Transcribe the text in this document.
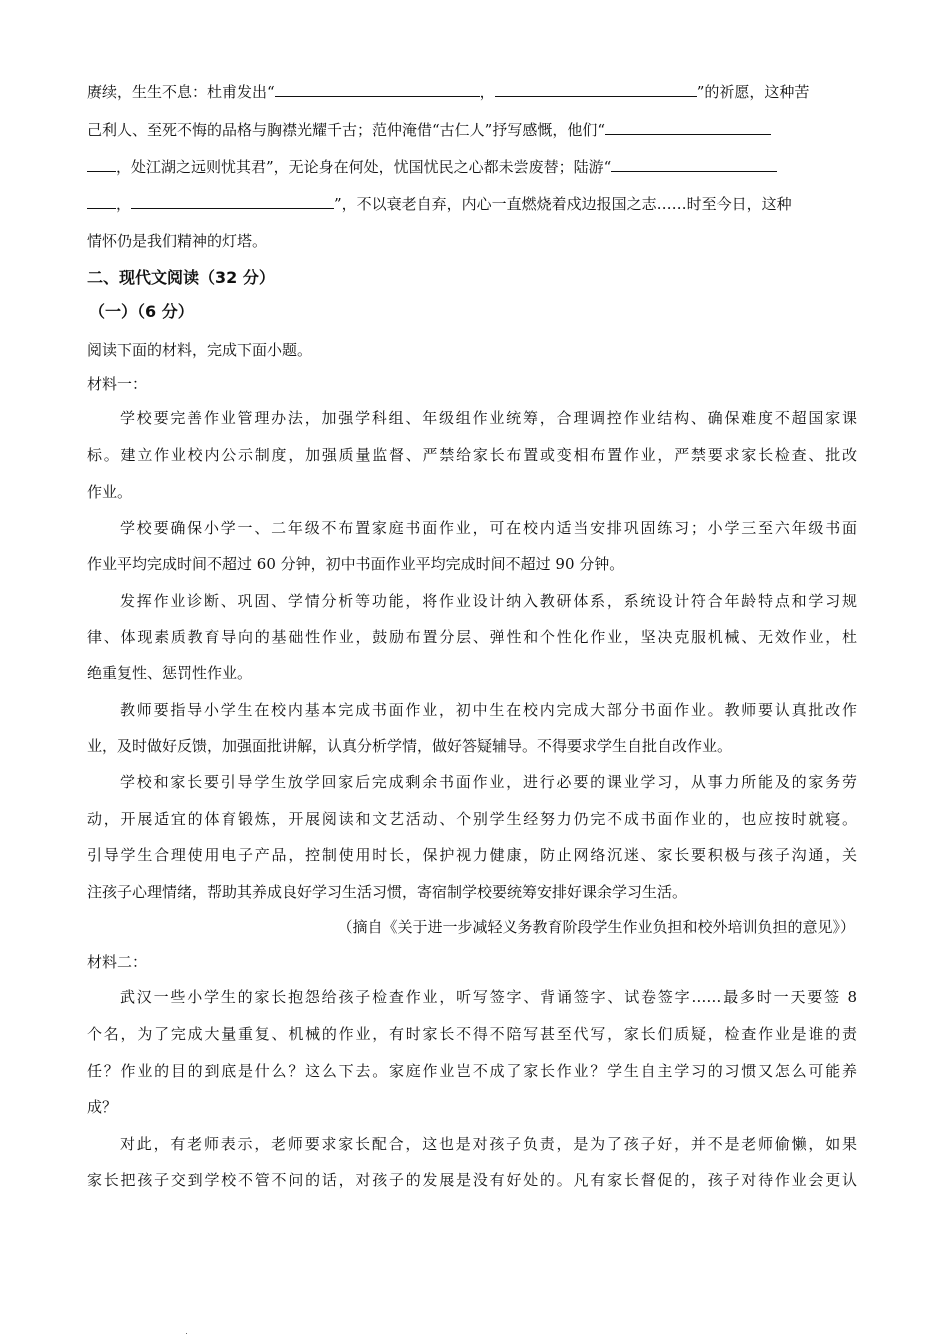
赓续，生生不息：杜甫发出“	，	”的祈愿，这种苦
己利人、至死不悔的品格与胸襟光耀千古；范仲淹借“古仁人”抒写感慨，他们“
，处江湖之远则忧其君”，无论身在何处，忧国忧民之心都未尝废替；陆游“
，	”，不以衰老自弃，内心一直燃烧着戍边报国之志……时至今日，这种
情怀仍是我们精神的灯塔。
二、现代文阅读（32 分）
（一）（6 分）
阅读下面的材料，完成下面小题。
材料一：
学校要完善作业管理办法，加强学科组、年级组作业统筹，合理调控作业结构、确保难度不超国家课
标。建立作业校内公示制度，加强质量监督、严禁给家长布置或变相布置作业，严禁要求家长检查、批改
作业。
学校要确保小学一、二年级不布置家庭书面作业，可在校内适当安排巩固练习；小学三至六年级书面
作业平均完成时间不超过 60 分钟，初中书面作业平均完成时间不超过 90 分钟。
发挥作业诊断、巩固、学情分析等功能，将作业设计纳入教研体系，系统设计符合年龄特点和学习规
律、体现素质教育导向的基础性作业，鼓励布置分层、弹性和个性化作业，坚决克服机械、无效作业，杜
绝重复性、惩罚性作业。
教师要指导小学生在校内基本完成书面作业，初中生在校内完成大部分书面作业。教师要认真批改作
业，及时做好反馈，加强面批讲解，认真分析学情，做好答疑辅导。不得要求学生自批自改作业。
学校和家长要引导学生放学回家后完成剩余书面作业，进行必要的课业学习，从事力所能及的家务劳
动，开展适宜的体育锻炼，开展阅读和文艺活动、个别学生经努力仍完不成书面作业的，也应按时就寝。
引导学生合理使用电子产品，控制使用时长，保护视力健康，防止网络沉迷、家长要积极与孩子沟通，关
注孩子心理情绪，帮助其养成良好学习生活习惯，寄宿制学校要统筹安排好课余学习生活。
（摘自《关于进一步减轻义务教育阶段学生作业负担和校外培训负担的意见》）
材料二：
武汉一些小学生的家长抱怨给孩子检查作业，听写签字、背诵签字、试卷签字……最多时一天要签 8
个名，为了完成大量重复、机械的作业，有时家长不得不陪写甚至代写，家长们质疑，检查作业是谁的责
任？作业的目的到底是什么？这么下去。家庭作业岂不成了家长作业？学生自主学习的习惯又怎么可能养
成？
对此，有老师表示，老师要求家长配合，这也是对孩子负责，是为了孩子好，并不是老师偷懒，如果
家长把孩子交到学校不管不问的话，对孩子的发展是没有好处的。凡有家长督促的，孩子对待作业会更认
